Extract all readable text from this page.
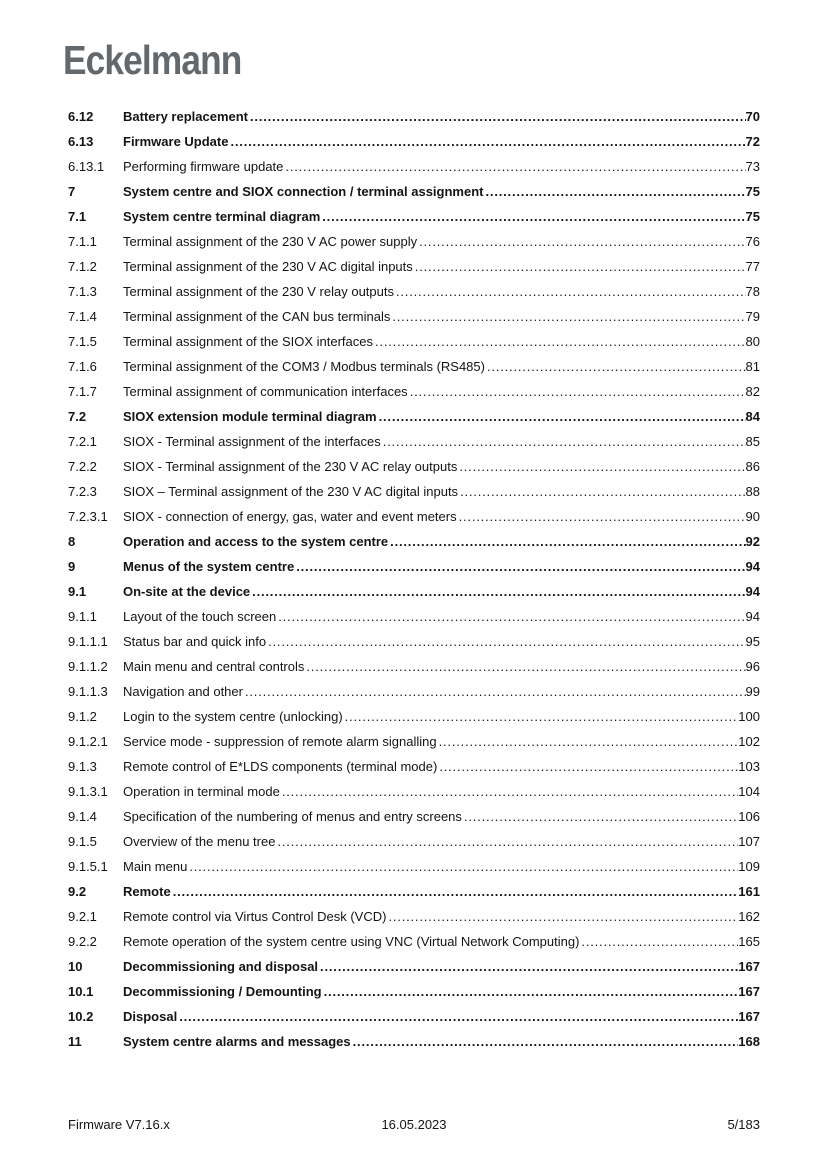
Eckelmann
6.12	Battery replacement .....	70
6.13	Firmware Update .....	72
6.13.1	Performing firmware update .....	73
7	System centre and SIOX connection / terminal assignment .....	75
7.1	System centre terminal diagram .....	75
7.1.1	Terminal assignment of the 230 V AC power supply .....	76
7.1.2	Terminal assignment of the 230 V AC digital inputs .....	77
7.1.3	Terminal assignment of the 230 V relay outputs .....	78
7.1.4	Terminal assignment of the CAN bus terminals .....	79
7.1.5	Terminal assignment of the SIOX interfaces .....	80
7.1.6	Terminal assignment of the COM3 / Modbus terminals (RS485) .....	81
7.1.7	Terminal assignment of communication interfaces .....	82
7.2	SIOX extension module terminal diagram .....	84
7.2.1	SIOX - Terminal assignment of the interfaces .....	85
7.2.2	SIOX - Terminal assignment of the 230 V AC relay outputs .....	86
7.2.3	SIOX – Terminal assignment of the 230 V AC digital inputs .....	88
7.2.3.1	SIOX - connection of energy, gas, water and event meters .....	90
8	Operation and access to the system centre .....	92
9	Menus of the system centre .....	94
9.1	On-site at the device .....	94
9.1.1	Layout of the touch screen .....	94
9.1.1.1	Status bar and quick info .....	95
9.1.1.2	Main menu and central controls .....	96
9.1.1.3	Navigation and other .....	99
9.1.2	Login to the system centre (unlocking) .....	100
9.1.2.1	Service mode - suppression of remote alarm signalling .....	102
9.1.3	Remote control of E*LDS components (terminal mode) .....	103
9.1.3.1	Operation in terminal mode .....	104
9.1.4	Specification of the numbering of menus and entry screens .....	106
9.1.5	Overview of the menu tree .....	107
9.1.5.1	Main menu .....	109
9.2	Remote .....	161
9.2.1	Remote control via Virtus Control Desk (VCD) .....	162
9.2.2	Remote operation of the system centre using VNC (Virtual Network Computing) .....	165
10	Decommissioning and disposal .....	167
10.1	Decommissioning / Demounting .....	167
10.2	Disposal .....	167
11	System centre alarms and messages .....	168
Firmware V7.16.x	16.05.2023	5/183
